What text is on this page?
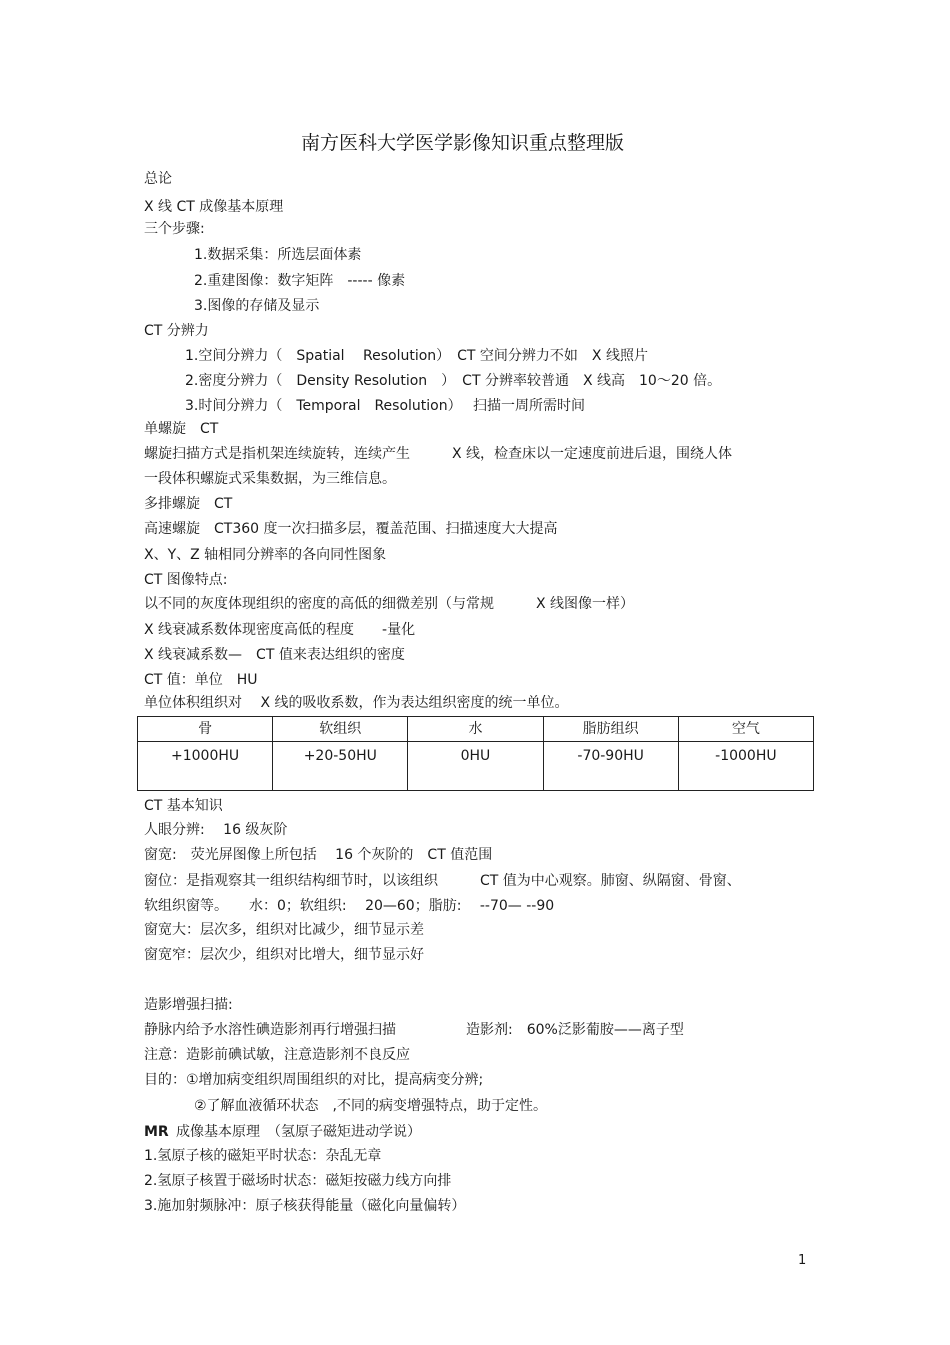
南方医科大学医学影像知识重点整理版
总论
X 线 CT 成像基本原理
三个步骤:
1.数据采集：所选层面体素
2.重建图像：数字矩阵　----- 像素
3.图像的存储及显示
CT 分辨力
1.空间分辨力（　Spatial　 Resolution）　CT 空间分辨力不如　X 线照片
2.密度分辨力（　Density Resolution　）　CT 分辨率较普通　X 线高　10～20 倍。
3.时间分辨力（　Temporal　Resolution）　 扫描一周所需时间
单螺旋　CT
螺旋扫描方式是指机架连续旋转，连续产生　　　X 线，检查床以一定速度前进后退，围绕人体
一段体积螺旋式采集数据，为三维信息。
多排螺旋　CT
高速螺旋　CT360 度一次扫描多层，覆盖范围、扫描速度大大提高
X、Y、Z 轴相同分辨率的各向同性图象
CT 图像特点:
以不同的灰度体现组织的密度的高低的细微差别（与常规　　　X 线图像一样）
X 线衰减系数体现密度高低的程度　　-量化
X 线衰减系数—　CT 值来表达组织的密度
CT 值：单位　HU
单位体积组织对　 X 线的吸收系数，作为表达组织密度的统一单位。
骨	软组织	水	脂肪组织	空气
+1000HU	+20-50HU	0HU	-70-90HU	-1000HU
CT 基本知识
人眼分辨:　 16 级灰阶
窗宽:　荧光屏图像上所包括　 16 个灰阶的　CT 值范围
窗位：是指观察其一组织结构细节时，以该组织　　　CT 值为中心观察。肺窗、纵隔窗、骨窗、
软组织窗等。　　水：0；软组织:　 20—60；脂肪:　 --70— --90
窗宽大：层次多，组织对比减少，细节显示差
窗宽窄：层次少，组织对比增大，细节显示好
造影增强扫描:
静脉内给予水溶性碘造影剂再行增强扫描　　　　　造影剂:　60%泛影葡胺——离子型
注意：造影前碘试敏，注意造影剂不良反应
目的：①增加病变组织周围组织的对比，提高病变分辨;
②了解血液循环状态　,不同的病变增强特点，助于定性。
MR 成像基本原理　（氢原子磁矩进动学说）
1.氢原子核的磁矩平时状态：杂乱无章
2.氢原子核置于磁场时状态：磁矩按磁力线方向排
3.施加射频脉冲：原子核获得能量（磁化向量偏转）
1
